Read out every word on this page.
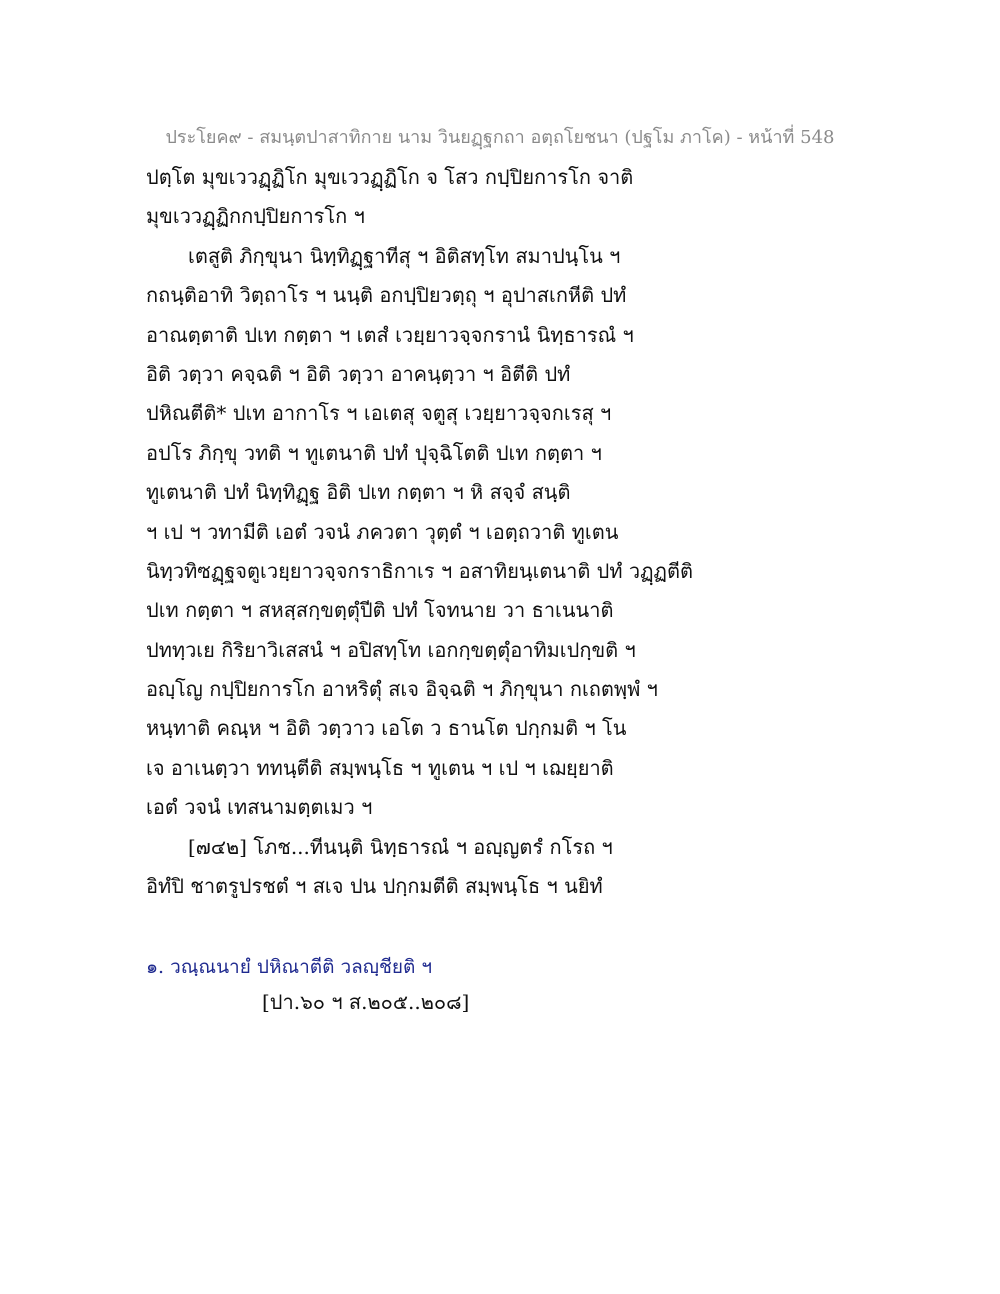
ประโยค๙ - สมนฺตปาสาทิกาย นาม วินยฏฺฐกถา อตฺถโยชนา (ปฐโม ภาโค) - หน้าที่ 548
ปตฺโต มุขเววฏฺฏิโก มุขเววฏฺฏิโก จ โสว กปฺปิยการโก จาติ
มุขเววฏฺฏิกกปฺปิยการโก ฯ
เตสูติ ภิกฺขุนา นิทฺทิฏฺฐาทีสุ ฯ อิติสทฺโท สมาปนฺโน ฯ
กถนฺติอาทิ วิตฺถาโร ฯ นนฺติ อกปฺปิยวตฺถุ ฯ อุปาสเกหีติ ปทํ
อาณตฺตาติ ปเท กตฺตา ฯ เตสํ เวยฺยาวจฺจกรานํ นิทฺธารณํ ฯ
อิติ วตฺวา คจฺฉติ ฯ อิติ วตฺวา อาคนฺตฺวา ฯ อิตีติ ปทํ
ปหิณตีติ* ปเท อากาโร ฯ เอเตสุ จตูสุ เวยฺยาวจฺจกเรสุ ฯ
อปโร ภิกฺขุ วทติ ฯ ทูเตนาติ ปทํ ปุจฺฉิโตติ ปเท กตฺตา ฯ
ทูเตนาติ ปทํ นิทฺทิฏฺฐ อิติ ปเท กตฺตา ฯ หิ สจฺจํ สนฺติ
ฯ เป ฯ วทามีติ เอตํ วจนํ ภควตา วุตฺตํ ฯ เอตฺถวาติ ทูเตน
นิทฺวทิซฏฺฐจตูเวยฺยาวจฺจกราธิกาเร ฯ อสาทิยนฺเตนาติ ปทํ วฏฺฏตีติ
ปเท กตฺตา ฯ สหสฺสกฺขตฺตุํปีติ ปทํ โจทนาย วา ธาเนนาติ
ปททฺวเย กิริยาวิเสสนํ ฯ อปิสทฺโท เอกกฺขตฺตุํอาทิมเปกฺขติ ฯ
อญฺโญ กปฺปิยการโก อาหริตุํ สเจ อิจฺฉติ ฯ ภิกฺขุนา กเถตพฺพํ ฯ
หนฺทาติ คณฺห ฯ อิติ วตฺวาว เอโต ว ธานโต ปกฺกมติ ฯ โน
เจ อาเนตฺวา ททนฺตีติ สมฺพนฺโธ ฯ ทูเตน ฯ เป ฯ เฌยฺยาติ
เอตํ วจนํ เทสนามตฺตเมว ฯ
[๗๔๒] โภช...ทีนนฺติ นิทฺธารณํ ฯ อญฺญตรํ กโรถ ฯ
อิทํปิ ชาตรูปรชตํ ฯ สเจ ปน ปกฺกมตีติ สมฺพนฺโธ ฯ นยิทํ
๑. วณฺณนายํ ปหิณาตีติ วลญฺชียติ ฯ
[ปา.๖๐ ฯ ส.๒๐๕..๒๐๘]
